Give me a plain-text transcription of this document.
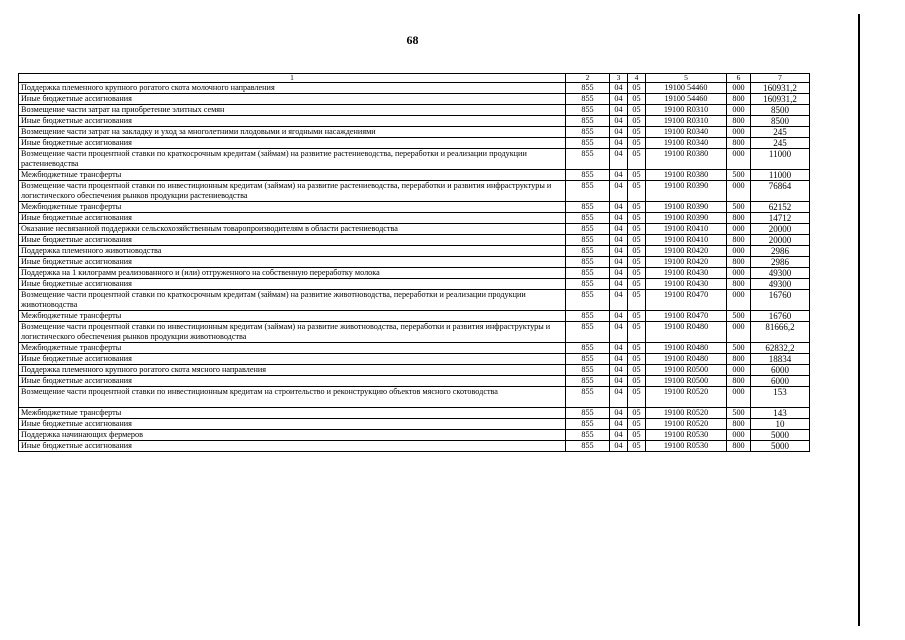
68
1	2	3	4	5	6	7
Поддержка племенного крупного рогатого скота молочного направления	855	04	05	19100 54460	000	160931,2
Иные бюджетные ассигнования	855	04	05	19100 54460	800	160931,2
Возмещение части затрат на приобретение элитных семян	855	04	05	19100 R0310	000	8500
Иные бюджетные ассигнования	855	04	05	19100 R0310	800	8500
Возмещение части затрат на закладку и уход за многолетними плодовыми и ягодными насаждениями	855	04	05	19100 R0340	000	245
Иные бюджетные ассигнования	855	04	05	19100 R0340	800	245
Возмещение части процентной ставки по краткосрочным кредитам (займам) на развитие растениеводства, переработки и реализации продукции растениеводства	855	04	05	19100 R0380	000	11000
Межбюджетные трансферты	855	04	05	19100 R0380	500	11000
Возмещение части процентной ставки по инвестиционным кредитам (займам) на развитие растениеводства, переработки и развития инфраструктуры и логистического обеспечения рынков продукции растениеводства	855	04	05	19100 R0390	000	76864
Межбюджетные трансферты	855	04	05	19100 R0390	500	62152
Иные бюджетные ассигнования	855	04	05	19100 R0390	800	14712
Оказание несвязанной поддержки сельскохозяйственным товаропроизводителям в области растениеводства	855	04	05	19100 R0410	000	20000
Иные бюджетные ассигнования	855	04	05	19100 R0410	800	20000
Поддержка племенного животноводства	855	04	05	19100 R0420	000	2986
Иные бюджетные ассигнования	855	04	05	19100 R0420	800	2986
Поддержка на 1 килограмм реализованного и (или) отгруженного на собственную переработку молока	855	04	05	19100 R0430	000	49300
Иные бюджетные ассигнования	855	04	05	19100 R0430	800	49300
Возмещение части процентной ставки по краткосрочным кредитам (займам) на развитие животноводства, переработки и реализации продукции животноводства	855	04	05	19100 R0470	000	16760
Межбюджетные трансферты	855	04	05	19100 R0470	500	16760
Возмещение части процентной ставки по инвестиционным кредитам (займам) на развитие животноводства, переработки и развития инфраструктуры и логистического обеспечения рынков продукции животноводства	855	04	05	19100 R0480	000	81666,2
Межбюджетные трансферты	855	04	05	19100 R0480	500	62832,2
Иные бюджетные ассигнования	855	04	05	19100 R0480	800	18834
Поддержка племенного крупного рогатого скота мясного направления	855	04	05	19100 R0500	000	6000
Иные бюджетные ассигнования	855	04	05	19100 R0500	800	6000
Возмещение части процентной ставки по инвестиционным кредитам на строительство и реконструкцию объектов мясного скотоводства	855	04	05	19100 R0520	000	153
Межбюджетные трансферты	855	04	05	19100 R0520	500	143
Иные бюджетные ассигнования	855	04	05	19100 R0520	800	10
Поддержка начинающих фермеров	855	04	05	19100 R0530	000	5000
Иные бюджетные ассигнования	855	04	05	19100 R0530	800	5000
